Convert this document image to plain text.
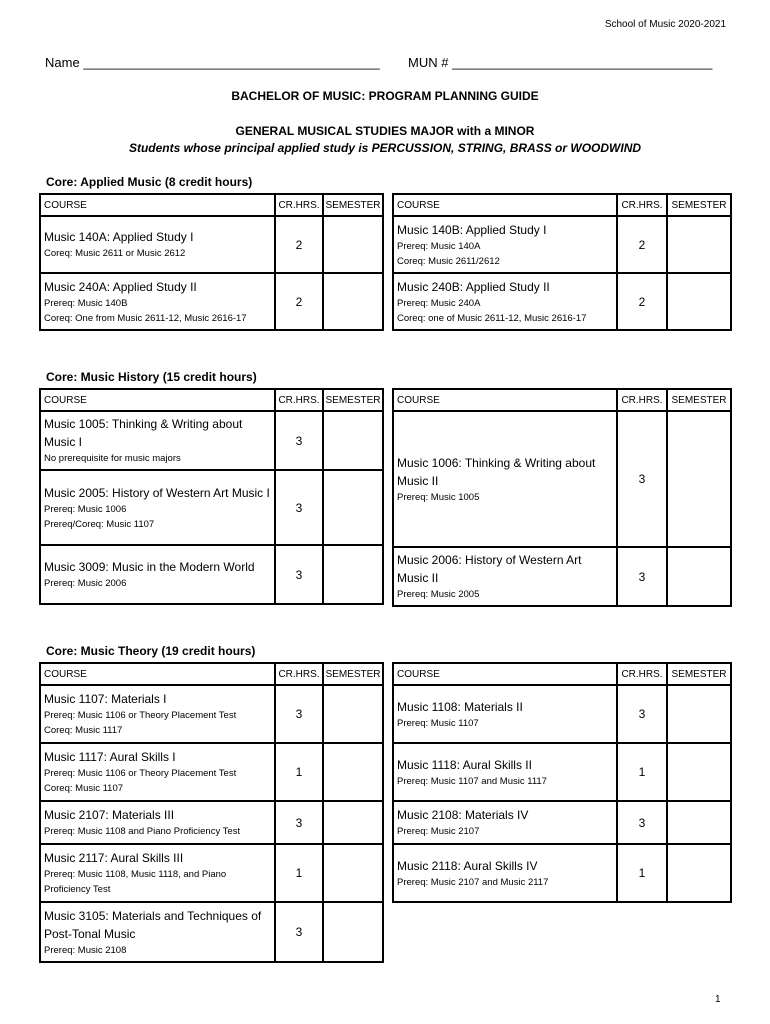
School of Music 2020-2021
Name _________________________________________ MUN # ____________________________________
BACHELOR OF MUSIC: PROGRAM PLANNING GUIDE
GENERAL MUSICAL STUDIES MAJOR with a MINOR
Students whose principal applied study is PERCUSSION, STRING, BRASS or WOODWIND
Core: Applied Music (8 credit hours)
COURSE	CR.HRS.	SEMESTER

Music 140A: Applied Study I
Coreq: Music 2611 or Music 2612	2	

Music 240A: Applied Study II
Prereq: Music 140B
Coreq: One from Music 2611-12, Music 2616-17	2	
COURSE	CR.HRS.	SEMESTER

Music 140B: Applied Study I
Prereq: Music 140A
Coreq: Music 2611/2612	2	

Music 240B: Applied Study II
Prereq: Music 240A
Coreq: one of Music 2611-12, Music 2616-17	2	
Core: Music History (15 credit hours)
COURSE	CR.HRS.	SEMESTER

Music 1005: Thinking & Writing about Music I
No prerequisite for music majors	3	

Music 2005: History of Western Art Music I
Prereq: Music 1006
Prereq/Coreq: Music 1107	3	

Music 3009: Music in the Modern World
Prereq: Music 2006	3	
COURSE	CR.HRS.	SEMESTER

Music 1006: Thinking & Writing about Music II
Prereq: Music 1005	3	

Music 2006: History of Western Art Music II
Prereq: Music 2005	3	
Core: Music Theory (19 credit hours)
COURSE	CR.HRS.	SEMESTER

Music 1107: Materials I
Prereq: Music 1106 or Theory Placement Test
Coreq: Music 1117	3	

Music 1117: Aural Skills I
Prereq: Music 1106 or Theory Placement Test
Coreq: Music 1107	1	

Music 2107: Materials III
Prereq: Music 1108 and Piano Proficiency Test	3	

Music 2117: Aural Skills III
Prereq: Music 1108, Music 1118, and Piano Proficiency Test	1	

Music 3105: Materials and Techniques of Post-Tonal Music
Prereq: Music 2108	3	
COURSE	CR.HRS.	SEMESTER

Music 1108: Materials II
Prereq: Music 1107	3	

Music 1118: Aural Skills II
Prereq: Music 1107 and Music 1117	1	

Music 2108: Materials IV
Prereq: Music 2107	3	

Music 2118: Aural Skills IV
Prereq: Music 2107 and Music 2117	1	
1
